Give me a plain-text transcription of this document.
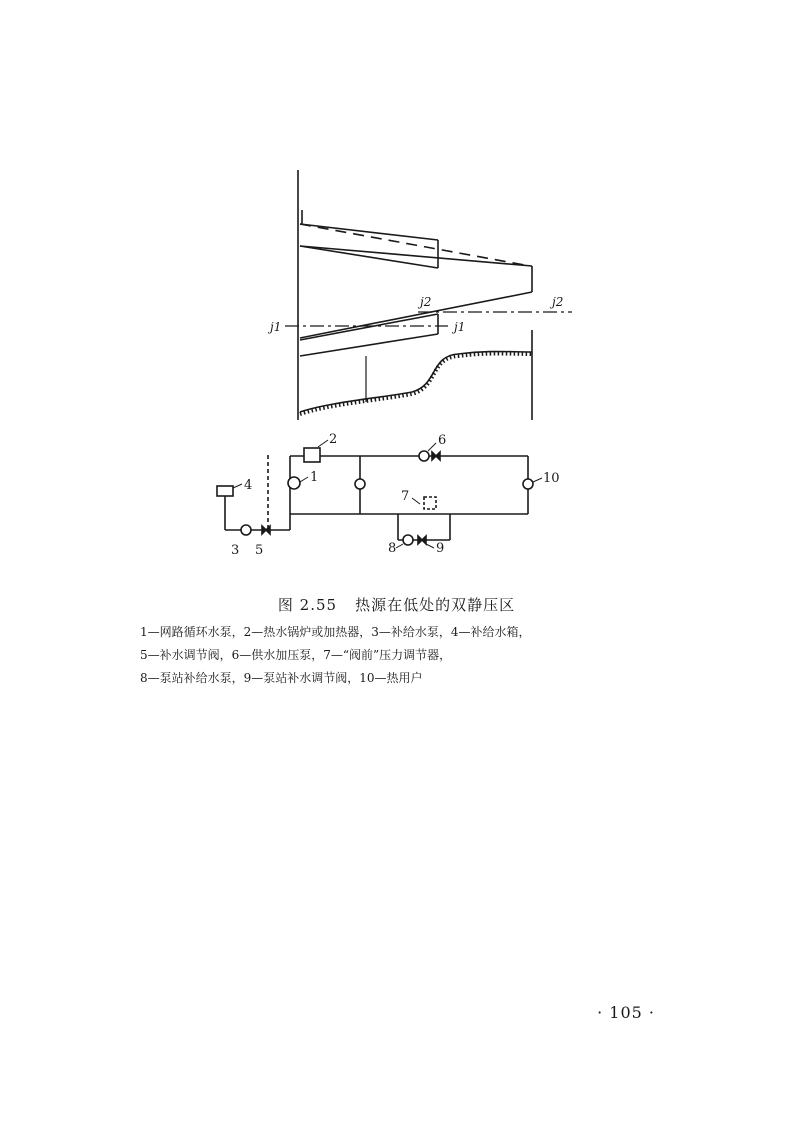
j1	j1
j2	j2
1
2
3
4
5
6
7
8	9
10
图 2.55 热源在低处的双静压区
1—网路循环水泵，2—热水锅炉或加热器，3—补给水泵，4—补给水箱，
5—补水调节阀，6—供水加压泵，7—“阀前”压力调节器，
8—泵站补给水泵，9—泵站补水调节阀，10—热用户
· 105 ·
